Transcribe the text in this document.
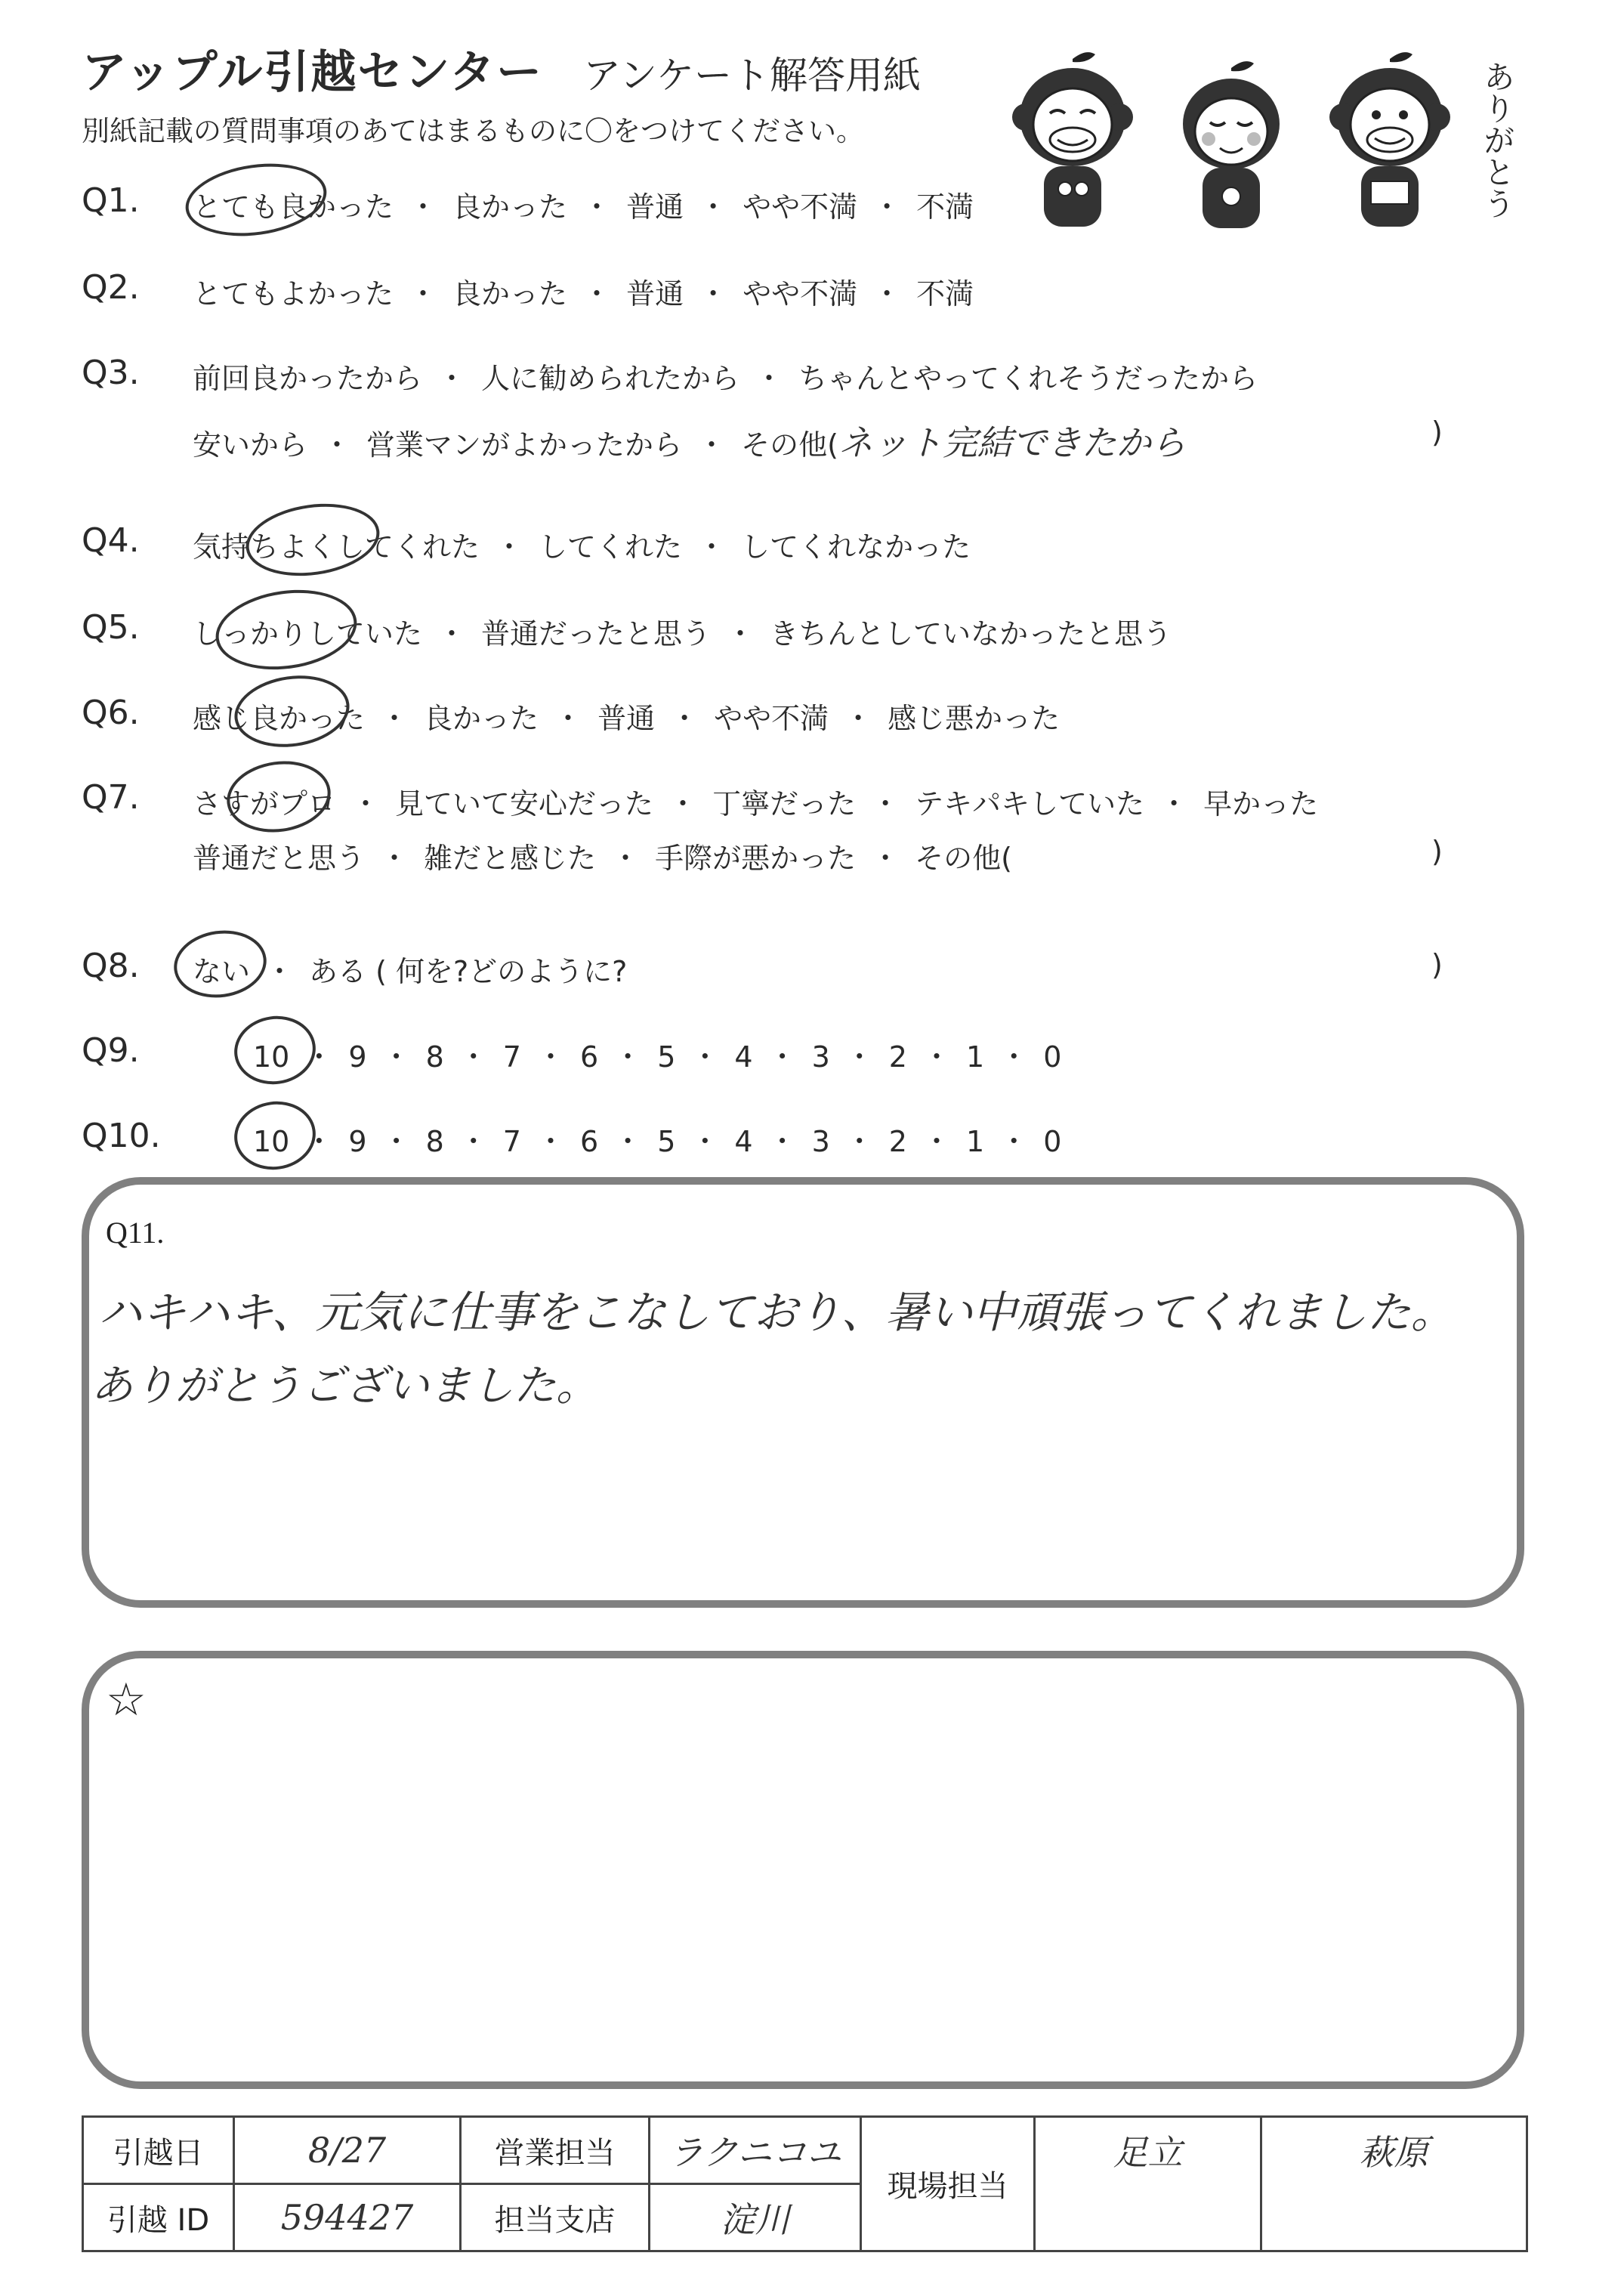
アップル引越センター アンケート解答用紙
別紙記載の質問事項のあてはまるものに〇をつけてください。	ありがとう
Q1. とても良かった ・ 良かった ・ 普通 ・ やや不満 ・ 不満
Q2. とてもよかった ・ 良かった ・ 普通 ・ やや不満 ・ 不満
Q3. 前回良かったから ・ 人に勧められたから ・ ちゃんとやってくれそうだったから
安いから ・ 営業マンがよかったから ・ その他(ネット完結できたから	)
Q4. 気持ちよくしてくれた ・ してくれた ・ してくれなかった
Q5. しっかりしていた ・ 普通だったと思う ・ きちんとしていなかったと思う
Q6. 感じ良かった ・ 良かった ・ 普通 ・ やや不満 ・ 感じ悪かった
Q7. さすがプロ ・ 見ていて安心だった ・ 丁寧だった ・ テキパキしていた ・ 早かった
普通だと思う ・ 雑だと感じた ・ 手際が悪かった ・ その他(	)
Q8. ない ・ ある ( 何を?どのように?	)
Q9.	10 ・ 9 ・ 8 ・ 7 ・ 6 ・ 5 ・ 4 ・ 3 ・ 2 ・ 1 ・ 0
Q10.	10 ・ 9 ・ 8 ・ 7 ・ 6 ・ 5 ・ 4 ・ 3 ・ 2 ・ 1 ・ 0
Q11.
ハキハキ、元気に仕事をこなしており、暑い中頑張ってくれました。
ありがとうございました。
☆
引越日	8/27	営業担当	ラクニコユ	現場担当	足立	萩原
引越 ID	594427	担当支店	淀川			
